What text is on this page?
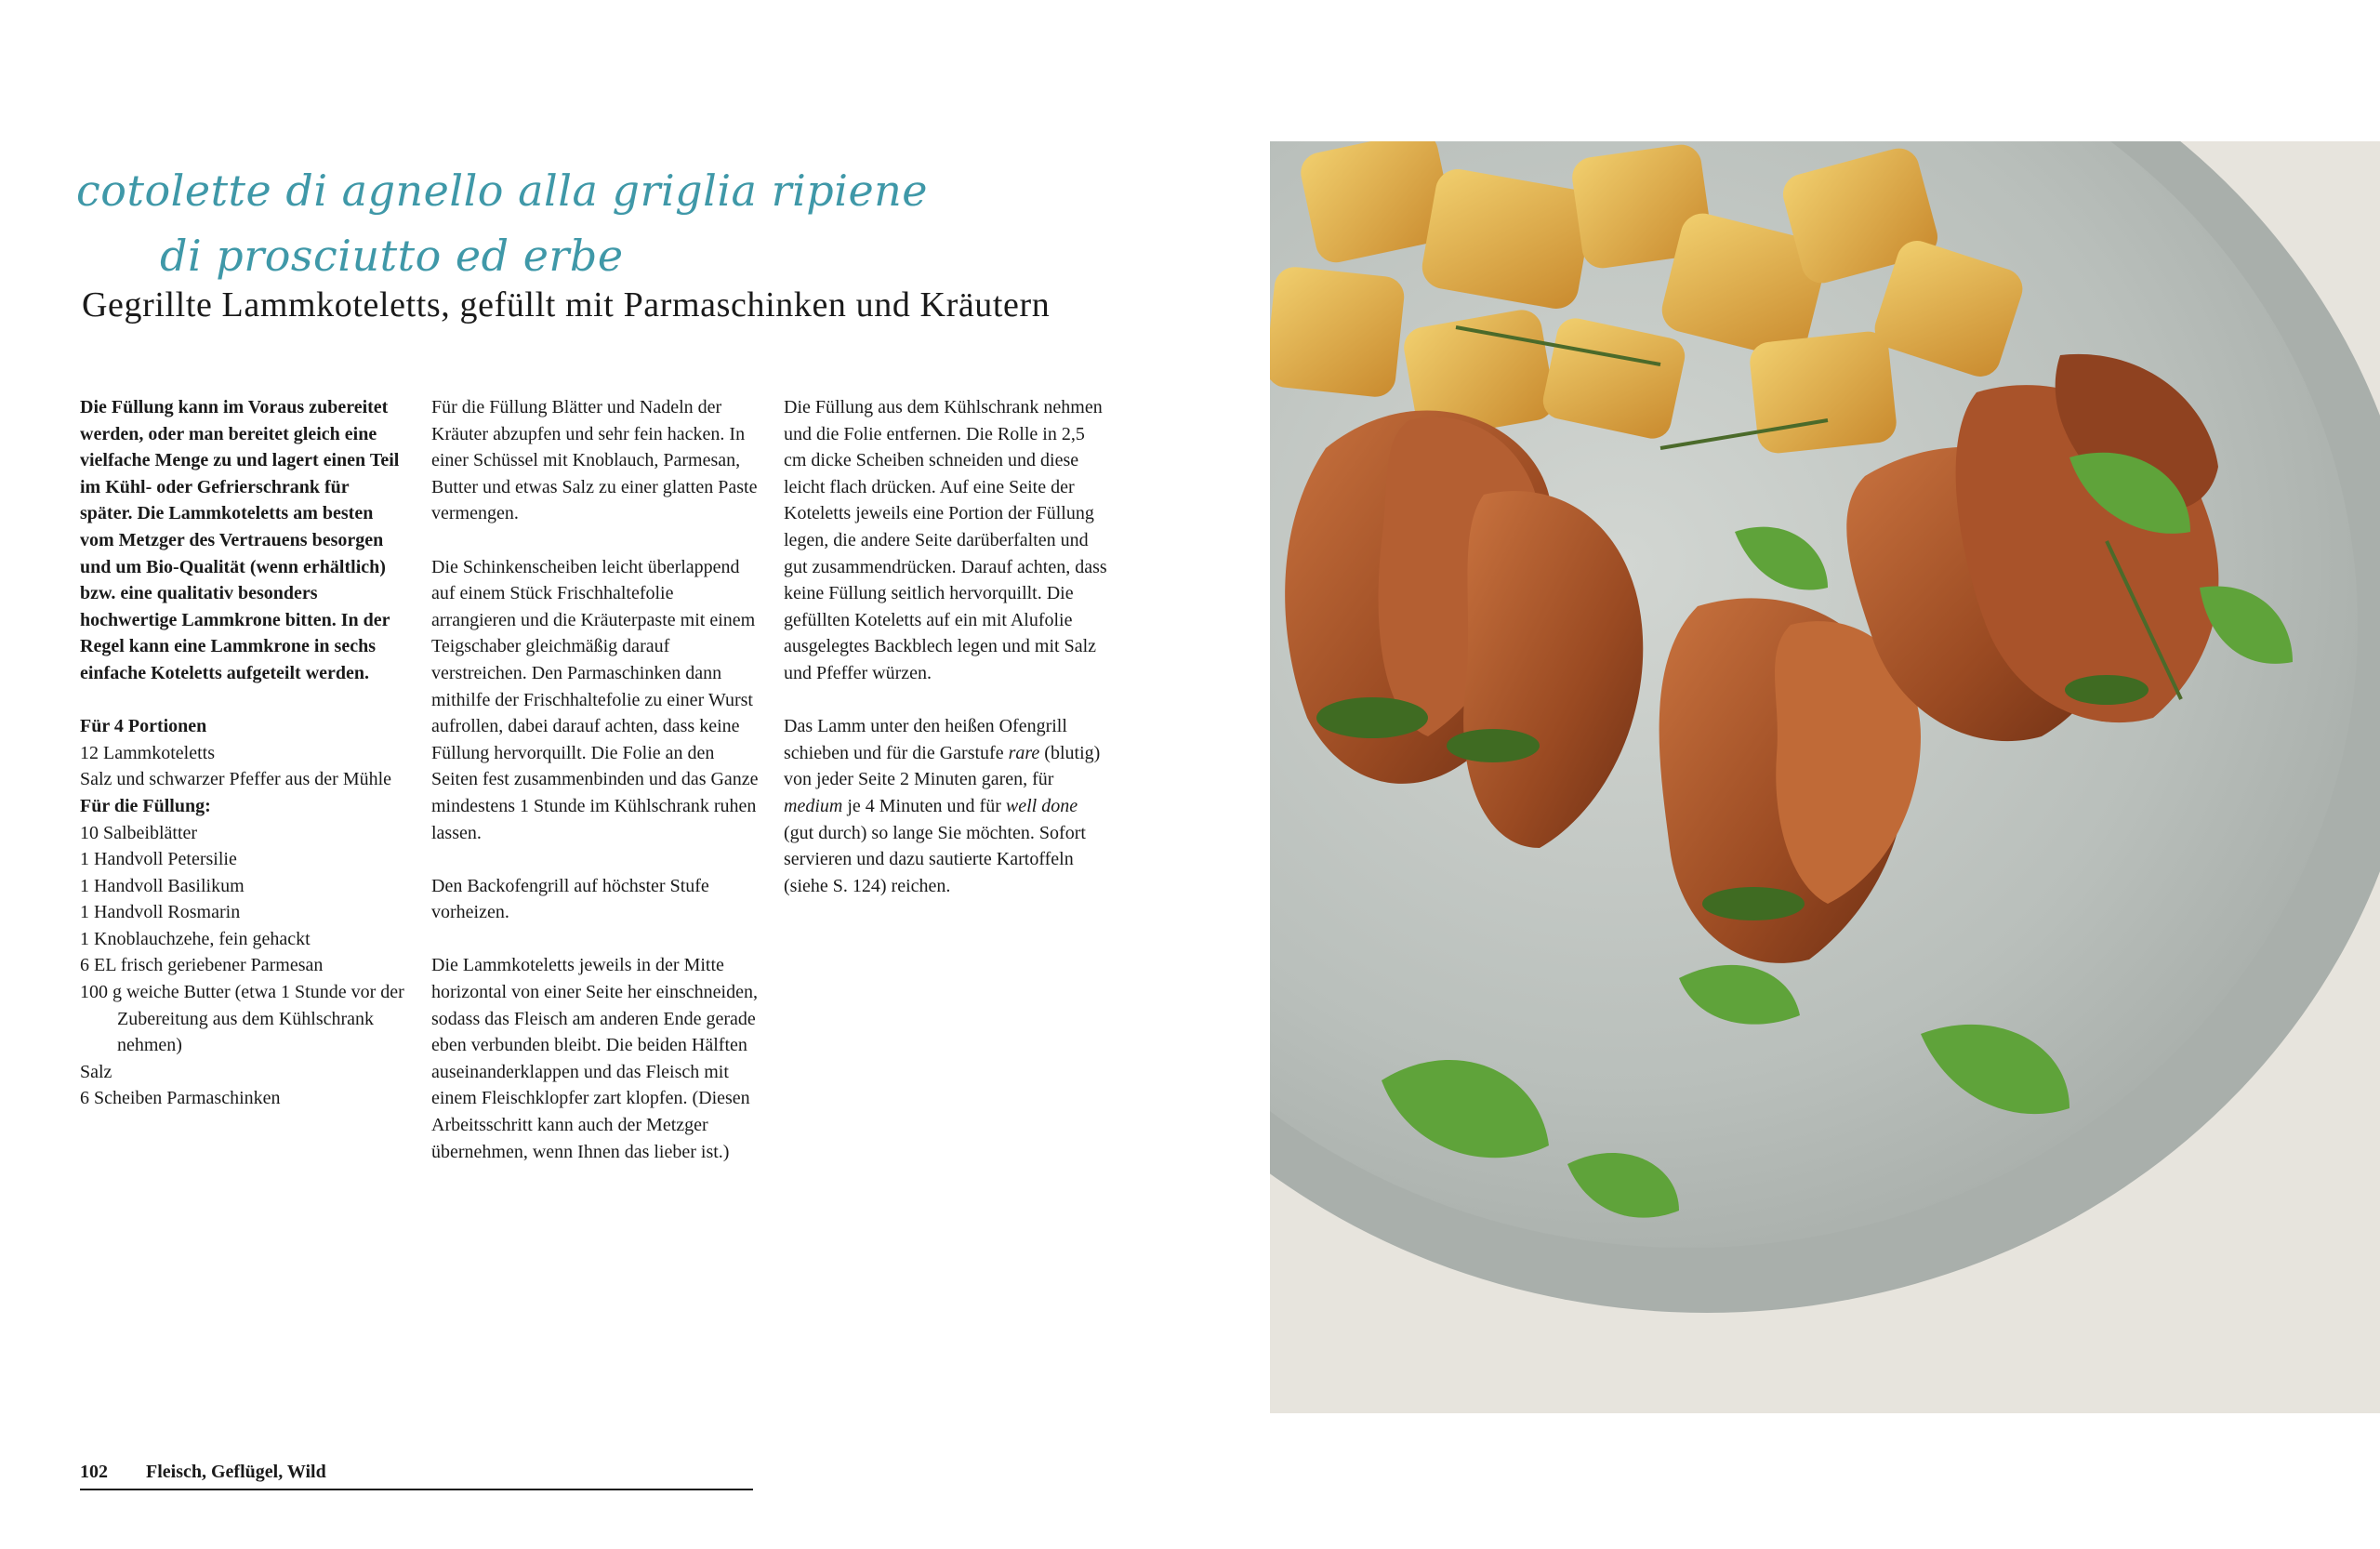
cotolette di agnello alla griglia ripiene
di prosciutto ed erbe
Gegrillte Lammkoteletts, gefüllt mit Parmaschinken und Kräutern

Die Füllung kann im Voraus zubereitet werden, oder man bereitet gleich eine vielfache Menge zu und lagert einen Teil im Kühl- oder Gefrierschrank für später. Die Lammkoteletts am besten vom Metzger des Vertrauens besorgen und um Bio-Qualität (wenn erhältlich) bzw. eine qualitativ besonders hochwertige Lammkrone bitten. In der Regel kann eine Lammkrone in sechs einfache Koteletts aufgeteilt werden.

Für 4 Portionen
12 Lammkoteletts
Salz und schwarzer Pfeffer aus der Mühle
Für die Füllung:
10 Salbeiblätter
1 Handvoll Petersilie
1 Handvoll Basilikum
1 Handvoll Rosmarin
1 Knoblauchzehe, fein gehackt
6 EL frisch geriebener Parmesan
100 g weiche Butter (etwa 1 Stunde vor der Zubereitung aus dem Kühlschrank nehmen)
Salz
6 Scheiben Parmaschinken

Für die Füllung Blätter und Nadeln der Kräuter abzupfen und sehr fein hacken. In einer Schüssel mit Knoblauch, Parmesan, Butter und etwas Salz zu einer glatten Paste vermengen.

Die Schinkenscheiben leicht überlappend auf einem Stück Frischhaltefolie arrangieren und die Kräuterpaste mit einem Teigschaber gleichmäßig darauf verstreichen. Den Parmaschinken dann mithilfe der Frischhaltefolie zu einer Wurst aufrollen, dabei darauf achten, dass keine Füllung hervorquillt. Die Folie an den Seiten fest zusammenbinden und das Ganze mindestens 1 Stunde im Kühlschrank ruhen lassen.

Den Backofengrill auf höchster Stufe vorheizen.

Die Lammkoteletts jeweils in der Mitte horizontal von einer Seite her einschneiden, sodass das Fleisch am anderen Ende gerade eben verbunden bleibt. Die beiden Hälften auseinanderklappen und das Fleisch mit einem Fleischklopfer zart klopfen. (Diesen Arbeitsschritt kann auch der Metzger übernehmen, wenn Ihnen das lieber ist.)

Die Füllung aus dem Kühlschrank nehmen und die Folie entfernen. Die Rolle in 2,5 cm dicke Scheiben schneiden und diese leicht flach drücken. Auf eine Seite der Koteletts jeweils eine Portion der Füllung legen, die andere Seite darüberfalten und gut zusammendrücken. Darauf achten, dass keine Füllung seitlich hervorquillt. Die gefüllten Koteletts auf ein mit Alufolie ausgelegtes Backblech legen und mit Salz und Pfeffer würzen.

Das Lamm unter den heißen Ofengrill schieben und für die Garstufe rare (blutig) von jeder Seite 2 Minuten garen, für medium je 4 Minuten und für well done (gut durch) so lange Sie möchten. Sofort servieren und dazu sautierte Kartoffeln (siehe S. 124) reichen.

102 Fleisch, Geflügel, Wild
